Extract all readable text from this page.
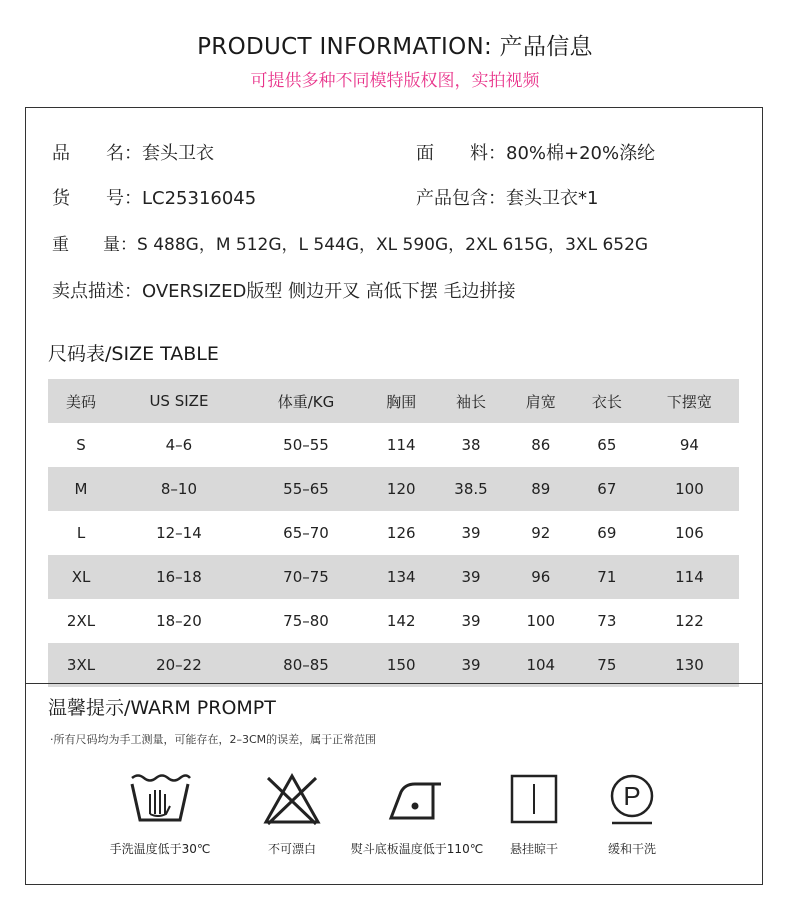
PRODUCT INFORMATION: 产品信息
可提供多种不同模特版权图，实拍视频
品　　名：套头卫衣	面　　料：80%棉+20%涤纶
货　　号：LC25316045	产品包含：套头卫衣*1
重　　量：S 488G，M 512G，L 544G，XL 590G，2XL 615G，3XL 652G
卖点描述：OVERSIZED版型 侧边开叉 高低下摆 毛边拼接
尺码表/SIZE TABLE
美码	US SIZE	体重/KG	胸围	袖长	肩宽	衣长	下摆宽
S	4–6	50–55	114	38	86	65	94
M	8–10	55–65	120	38.5	89	67	100
L	12–14	65–70	126	39	92	69	106
XL	16–18	70–75	134	39	96	71	114
2XL	18–20	75–80	142	39	100	73	122
3XL	20–22	80–85	150	39	104	75	130
温馨提示/WARM PROMPT
·所有尺码均为手工测量，可能存在，2–3CM的误差，属于正常范围
手洗温度低于30℃	不可漂白	熨斗底板温度低于110℃	悬挂晾干
P
缓和干洗
